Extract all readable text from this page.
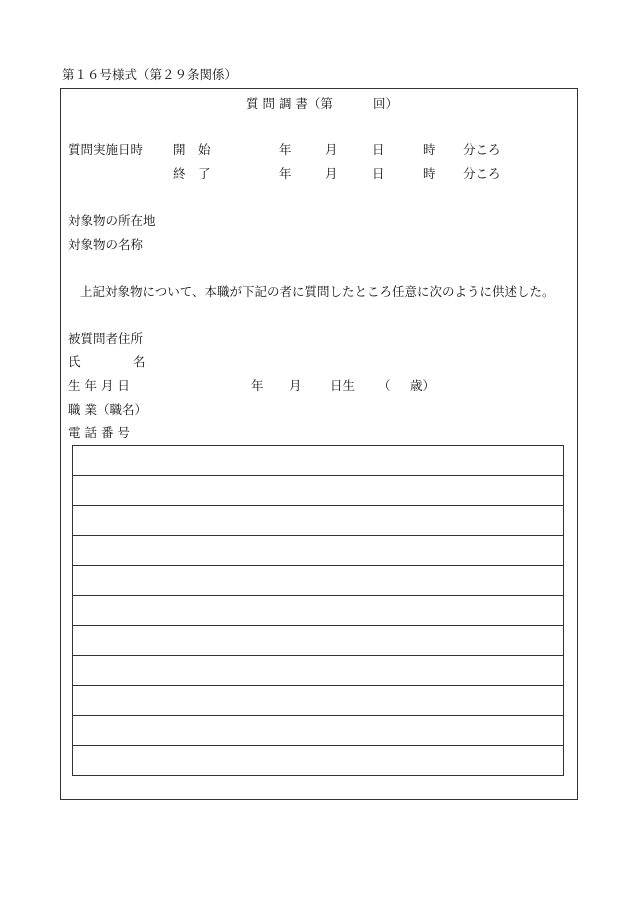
第１６号様式（第２９条関係）
質 問 調 書（第	回）
質問実施日時 開　始	年	月	日	時 分ころ
終　了	年	月	日	時 分ころ
対象物の所在地
対象物の名称
上記対象物について、本職が下記の者に質問したところ任意に次のように供述した。
被質問者住所
氏	名
生 年 月 日	年 月 日生 （ 歳）
職 業（職名）
電 話 番 号
